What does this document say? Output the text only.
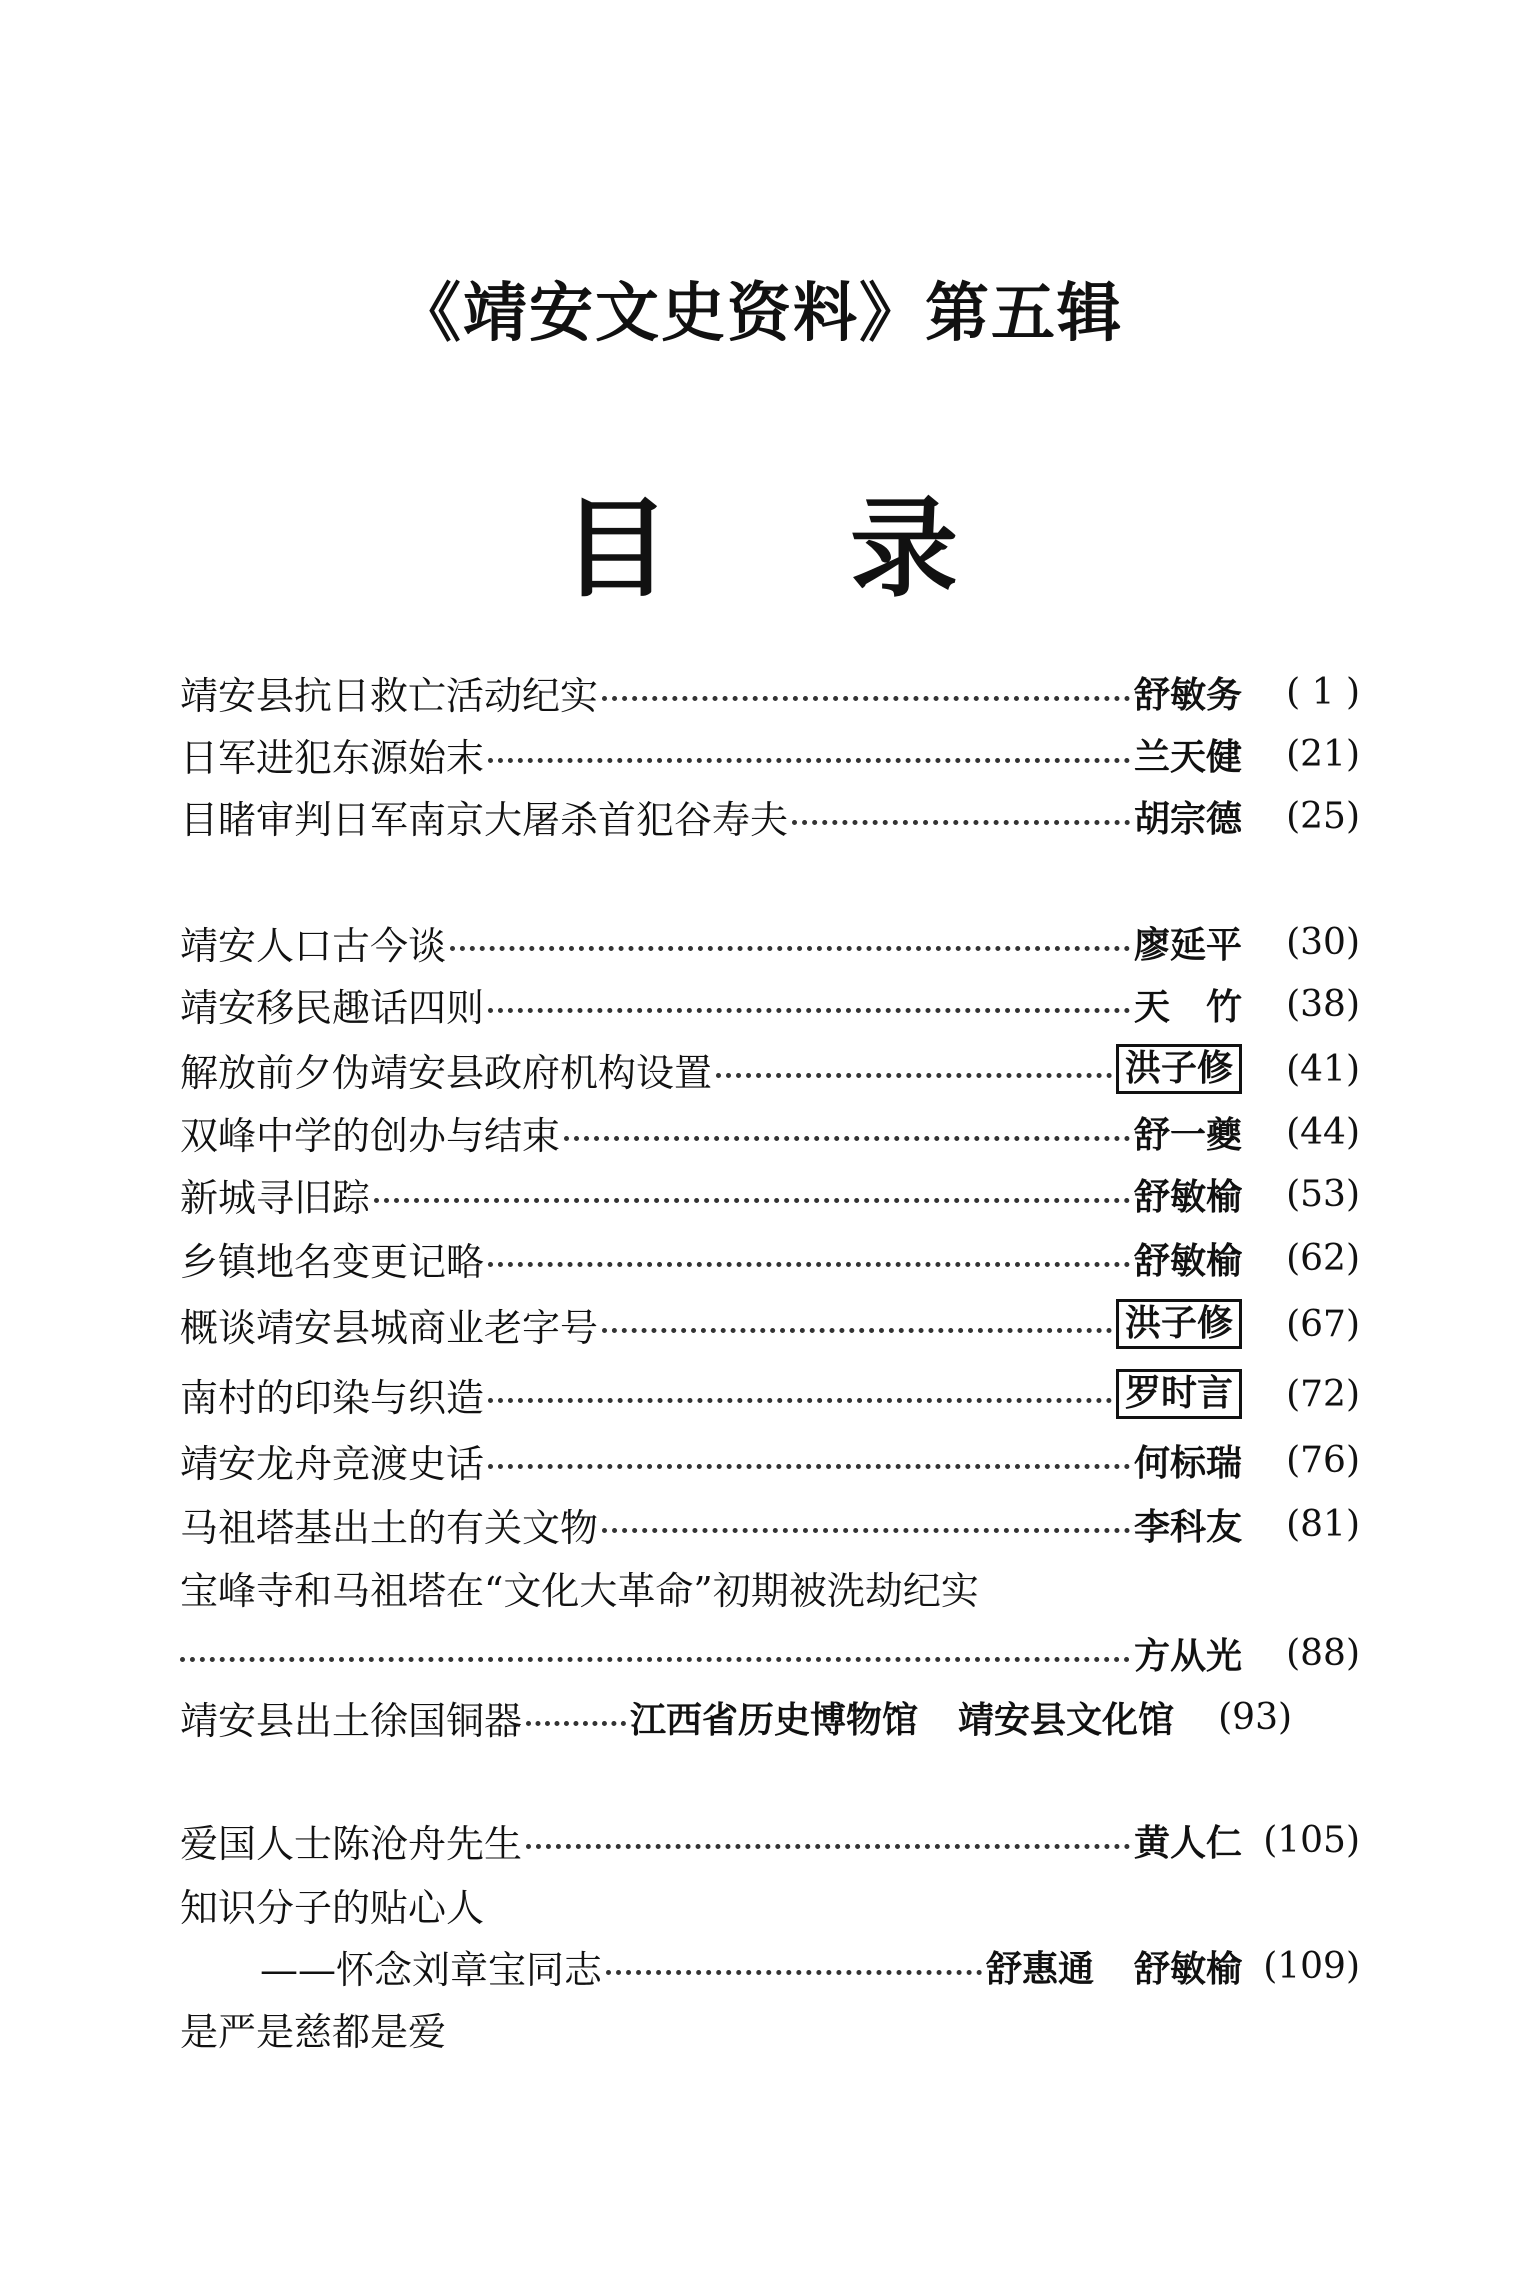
《靖安文史资料》第五辑
目 录
靖安县抗日救亡活动纪实	舒敏务	( 1 )
日军进犯东源始末	兰天健	(21)
目睹审判日军南京大屠杀首犯谷寿夫	胡宗德	(25)
靖安人口古今谈	廖延平	(30)
靖安移民趣话四则	天　竹	(38)
解放前夕伪靖安县政府机构设置	洪子修	(41)
双峰中学的创办与结束	舒一夔	(44)
新城寻旧踪	舒敏榆	(53)
乡镇地名变更记略	舒敏榆	(62)
概谈靖安县城商业老字号	洪子修	(67)
南村的印染与织造	罗时言	(72)
靖安龙舟竞渡史话	何标瑞	(76)
马祖塔基出土的有关文物	李科友	(81)
宝峰寺和马祖塔在“文化大革命”初期被洗劫纪实
方从光	(88)
靖安县出土徐国铜器	江西省历史博物馆 靖安县文化馆	(93)
爱国人士陈沧舟先生	黄人仁 (105)
知识分子的贴心人
——怀念刘章宝同志	舒惠通 舒敏榆 (109)
是严是慈都是爱
